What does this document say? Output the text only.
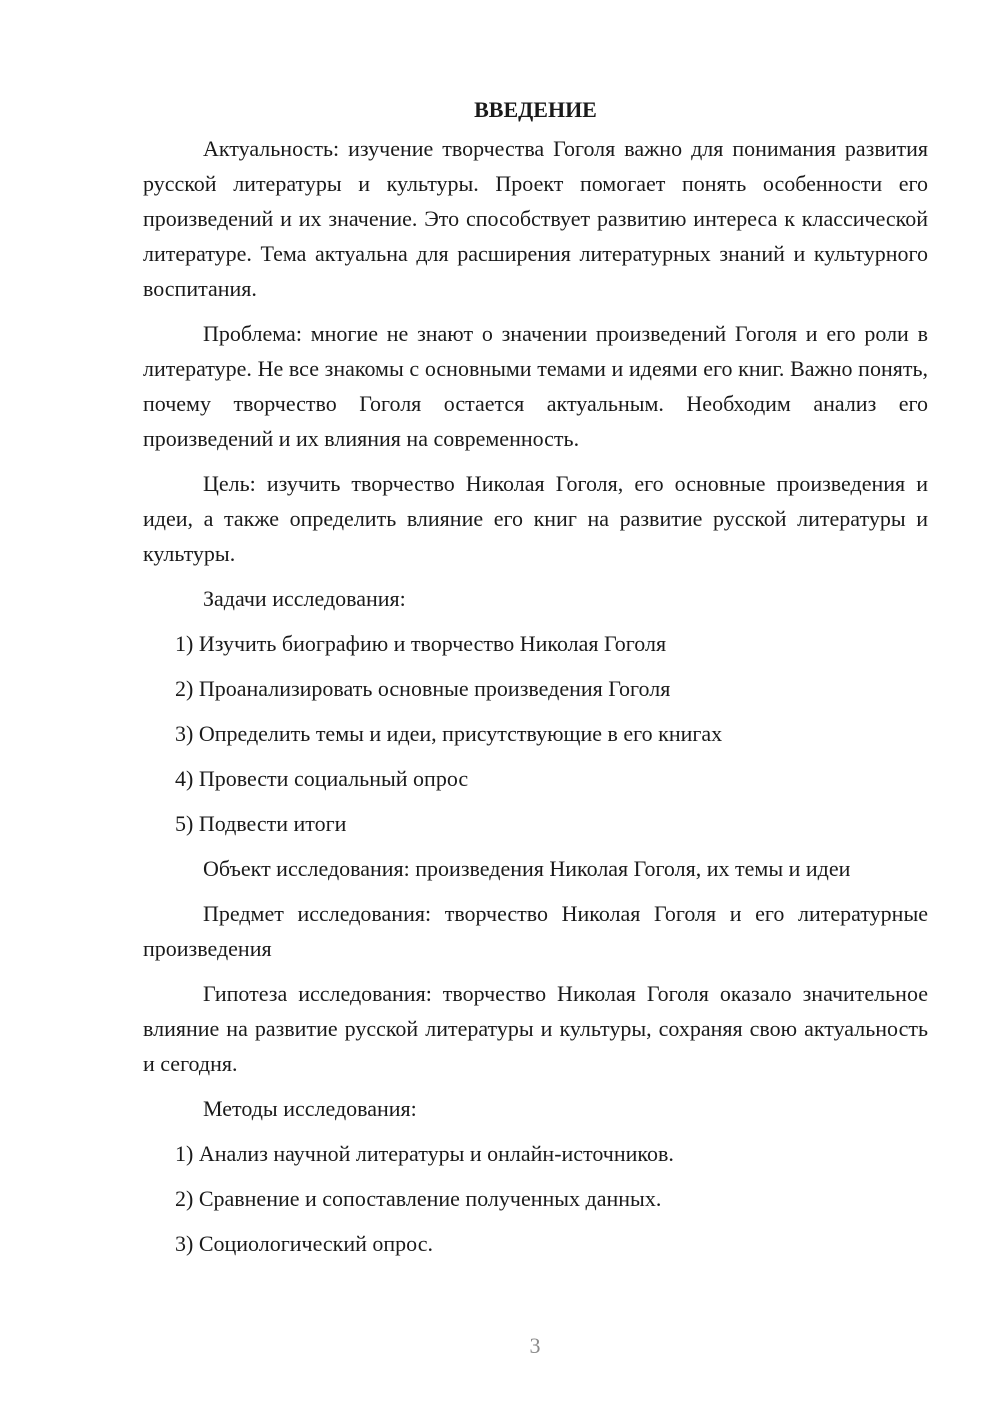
ВВЕДЕНИЕ

Актуальность: изучение творчества Гоголя важно для понимания развития русской литературы и культуры. Проект помогает понять особенности его произведений и их значение. Это способствует развитию интереса к классической литературе. Тема актуальна для расширения литературных знаний и культурного воспитания.

Проблема: многие не знают о значении произведений Гоголя и его роли в литературе. Не все знакомы с основными темами и идеями его книг. Важно понять, почему творчество Гоголя остается актуальным. Необходим анализ его произведений и их влияния на современность.

Цель: изучить творчество Николая Гоголя, его основные произведения и идеи, а также определить влияние его книг на развитие русской литературы и культуры.

Задачи исследования:

1) Изучить биографию и творчество Николая Гоголя
2) Проанализировать основные произведения Гоголя
3) Определить темы и идеи, присутствующие в его книгах
4) Провести социальный опрос
5) Подвести итоги

Объект исследования: произведения Николая Гоголя, их темы и идеи

Предмет исследования: творчество Николая Гоголя и его литературные произведения

Гипотеза исследования: творчество Николая Гоголя оказало значительное влияние на развитие русской литературы и культуры, сохраняя свою актуальность и сегодня.

Методы исследования:

1) Анализ научной литературы и онлайн-источников.
2) Сравнение и сопоставление полученных данных.
3) Социологический опрос.
3
